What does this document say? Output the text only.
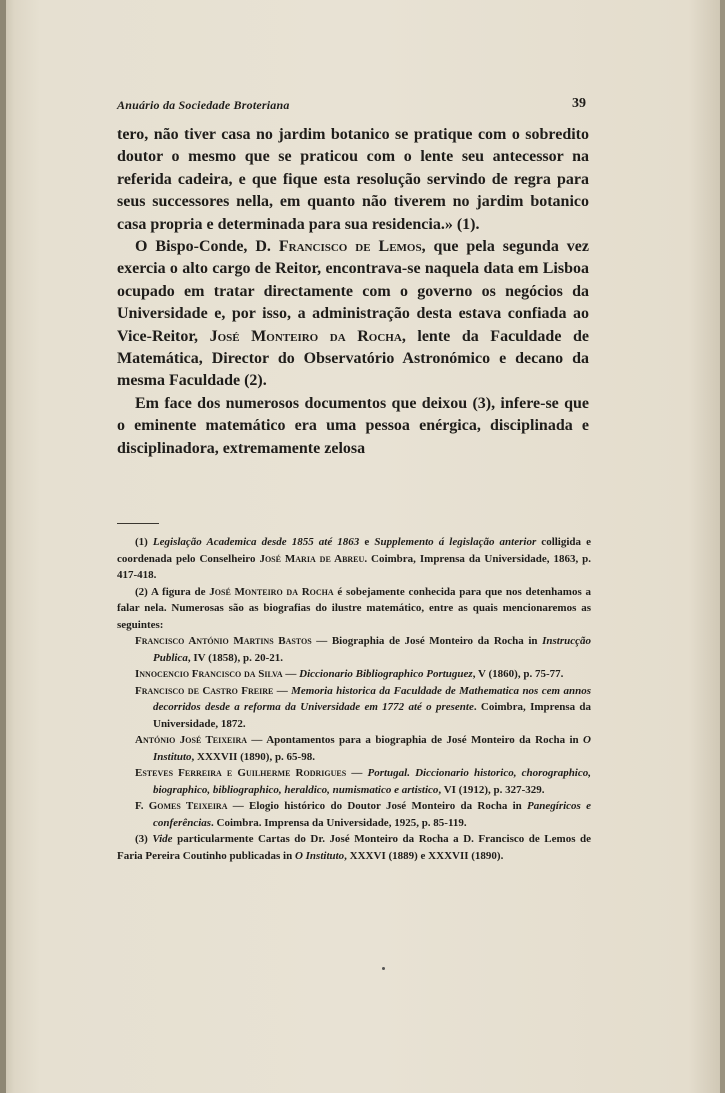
Anuário da Sociedade Broteriana	39

tero, não tiver casa no jardim botanico se pratique com o sobredito doutor o mesmo que se praticou com o lente seu antecessor na referida cadeira, e que fique esta resolução servindo de regra para seus successores nella, em quanto não tiverem no jardim botanico casa propria e determinada para sua residencia.» (1).

O Bispo-Conde, D. Francisco de Lemos, que pela segunda vez exercia o alto cargo de Reitor, encontrava-se naquela data em Lisboa ocupado em tratar directamente com o governo os negócios da Universidade e, por isso, a administração desta estava confiada ao Vice-Reitor, José Monteiro da Rocha, lente da Faculdade de Matemática, Director do Observatório Astronómico e decano da mesma Faculdade (2).

Em face dos numerosos documentos que deixou (3), infere-se que o eminente matemático era uma pessoa enérgica, disciplinada e disciplinadora, extremamente zelosa

(1) Legislação Academica desde 1855 até 1863 e Supplemento á legislação anterior colligida e coordenada pelo Conselheiro José Maria de Abreu. Coimbra, Imprensa da Universidade, 1863, p. 417-418.

(2) A figura de José Monteiro da Rocha é sobejamente conhecida para que nos detenhamos a falar nela. Numerosas são as biografias do ilustre matemático, entre as quais mencionaremos as seguintes:

Francisco António Martins Bastos — Biographia de José Monteiro da Rocha in Instrucção Publica, IV (1858), p. 20-21.

Innocencio Francisco da Silva — Diccionario Bibliographico Portuguez, V (1860), p. 75-77.

Francisco de Castro Freire — Memoria historica da Faculdade de Mathematica nos cem annos decorridos desde a reforma da Universidade em 1772 até o presente. Coimbra, Imprensa da Universidade, 1872.

António José Teixeira — Apontamentos para a biographia de José Monteiro da Rocha in O Instituto, XXXVII (1890), p. 65-98.

Esteves Ferreira e Guilherme Rodrigues — Portugal. Diccionario historico, chorographico, biographico, bibliographico, heraldico, numismatico e artistico, VI (1912), p. 327-329.

F. Gomes Teixeira — Elogio histórico do Doutor José Monteiro da Rocha in Panegíricos e conferências. Coimbra. Imprensa da Universidade, 1925, p. 85-119.

(3) Vide particularmente Cartas do Dr. José Monteiro da Rocha a D. Francisco de Lemos de Faria Pereira Coutinho publicadas in O Instituto, XXXVI (1889) e XXXVII (1890).
